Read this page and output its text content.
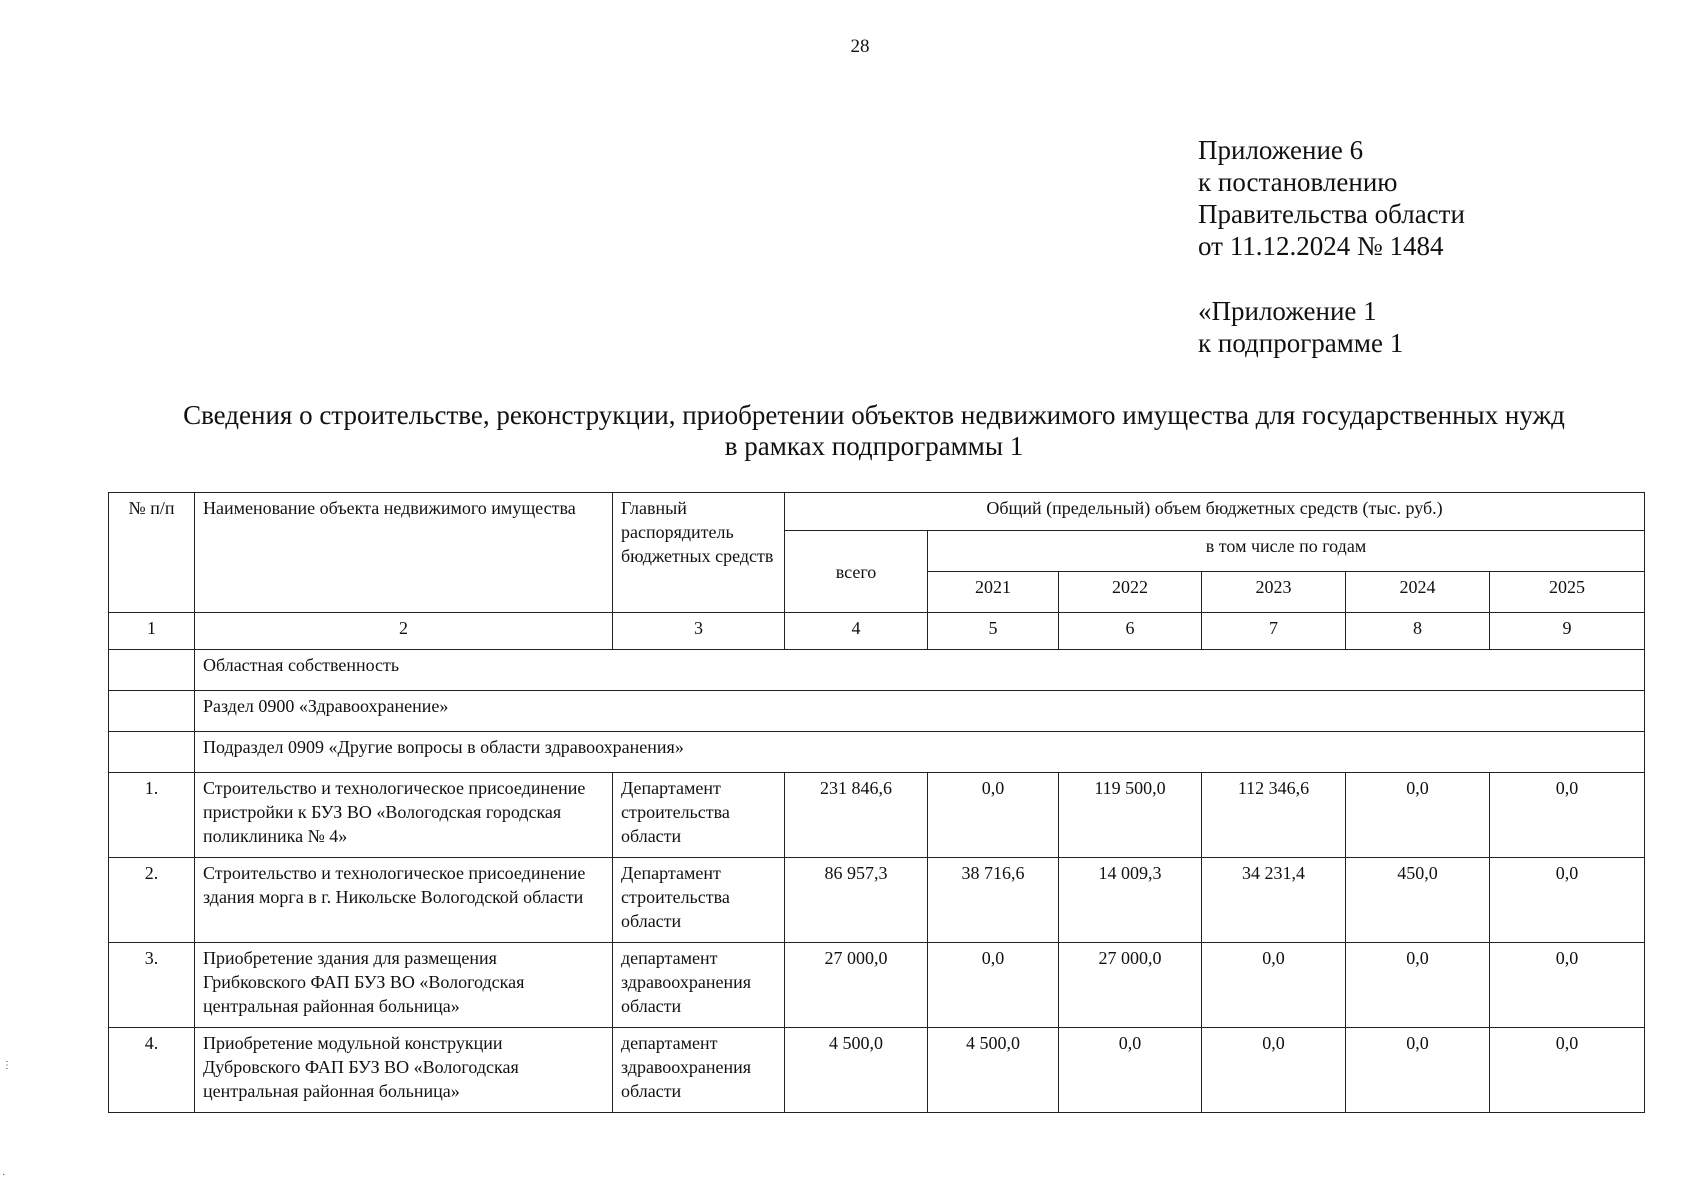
28
Приложение 6
к постановлению
Правительства области
от 11.12.2024 № 1484
«Приложение 1
к подпрограмме 1
Сведения о строительстве, реконструкции, приобретении объектов недвижимого имущества для государственных нужд
в рамках подпрограммы 1
№ п/п	Наименование объекта недвижимого имущества	Главный распорядитель бюджетных средств	Общий (предельный) объем бюджетных средств (тыс. руб.)					
			всего	в том числе по годам				
				2021	2022	2023	2024	2025
1	2	3	4	5	6	7	8	9
	Областная собственность							
	Раздел 0900 «Здравоохранение»							
	Подраздел 0909 «Другие вопросы в области здравоохранения»							
1.	Строительство и технологическое присоединение пристройки к БУЗ ВО «Вологодская городская поликлиника № 4»	Департамент строительства области	231 846,6	0,0	119 500,0	112 346,6	0,0	0,0
2.	Строительство и технологическое присоединение здания морга в г. Никольске Вологодской области	Департамент строительства области	86 957,3	38 716,6	14 009,3	34 231,4	450,0	0,0
3.	Приобретение здания для размещения Грибковского ФАП БУЗ ВО «Вологодская центральная районная больница»	департамент здравоохранения области	27 000,0	0,0	27 000,0	0,0	0,0	0,0
4.	Приобретение модульной конструкции Дубровского ФАП БУЗ ВО «Вологодская центральная районная больница»	департамент здравоохранения области	4 500,0	4 500,0	0,0	0,0	0,0	0,0
⋮
·
